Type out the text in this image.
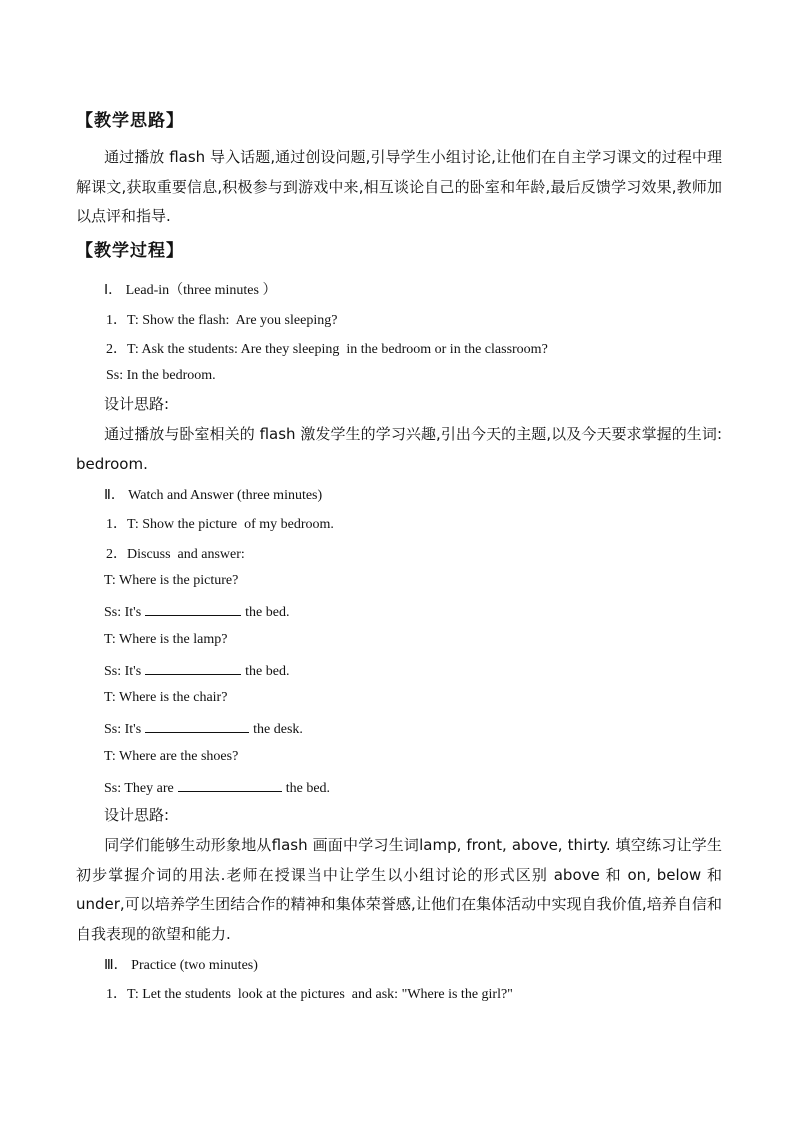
【教学思路】
通过播放 flash 导入话题,通过创设问题,引导学生小组讨论,让他们在自主学习课文的过程中理解课文,获取重要信息,积极参与到游戏中来,相互谈论自己的卧室和年龄,最后反馈学习效果,教师加以点评和指导.
【教学过程】
Ⅰ． Lead-in（three minutes ）
1．T: Show the flash:  Are you sleeping?
2．T: Ask the students: Are they sleeping  in the bedroom or in the classroom?
Ss: In the bedroom.
设计思路:
通过播放与卧室相关的 flash 激发学生的学习兴趣,引出今天的主题,以及今天要求掌握的生词: bedroom.
Ⅱ． Watch and Answer (three minutes)
1．T: Show the picture  of my bedroom.
2．Discuss  and answer:
T: Where is the picture?
Ss: It's	the bed.
T: Where is the lamp?
Ss: It's	the bed.
T: Where is the chair?
Ss: It's	the desk.
T: Where are the shoes?
Ss: They are	the bed.
设计思路:
同学们能够生动形象地从flash 画面中学习生词lamp, front, above, thirty. 填空练习让学生初步掌握介词的用法.老师在授课当中让学生以小组讨论的形式区别 above 和 on, below 和 under,可以培养学生团结合作的精神和集体荣誉感,让他们在集体活动中实现自我价值,培养自信和自我表现的欲望和能力.
Ⅲ． Practice (two minutes)
1．T: Let the students  look at the pictures  and ask: "Where is the girl?"
